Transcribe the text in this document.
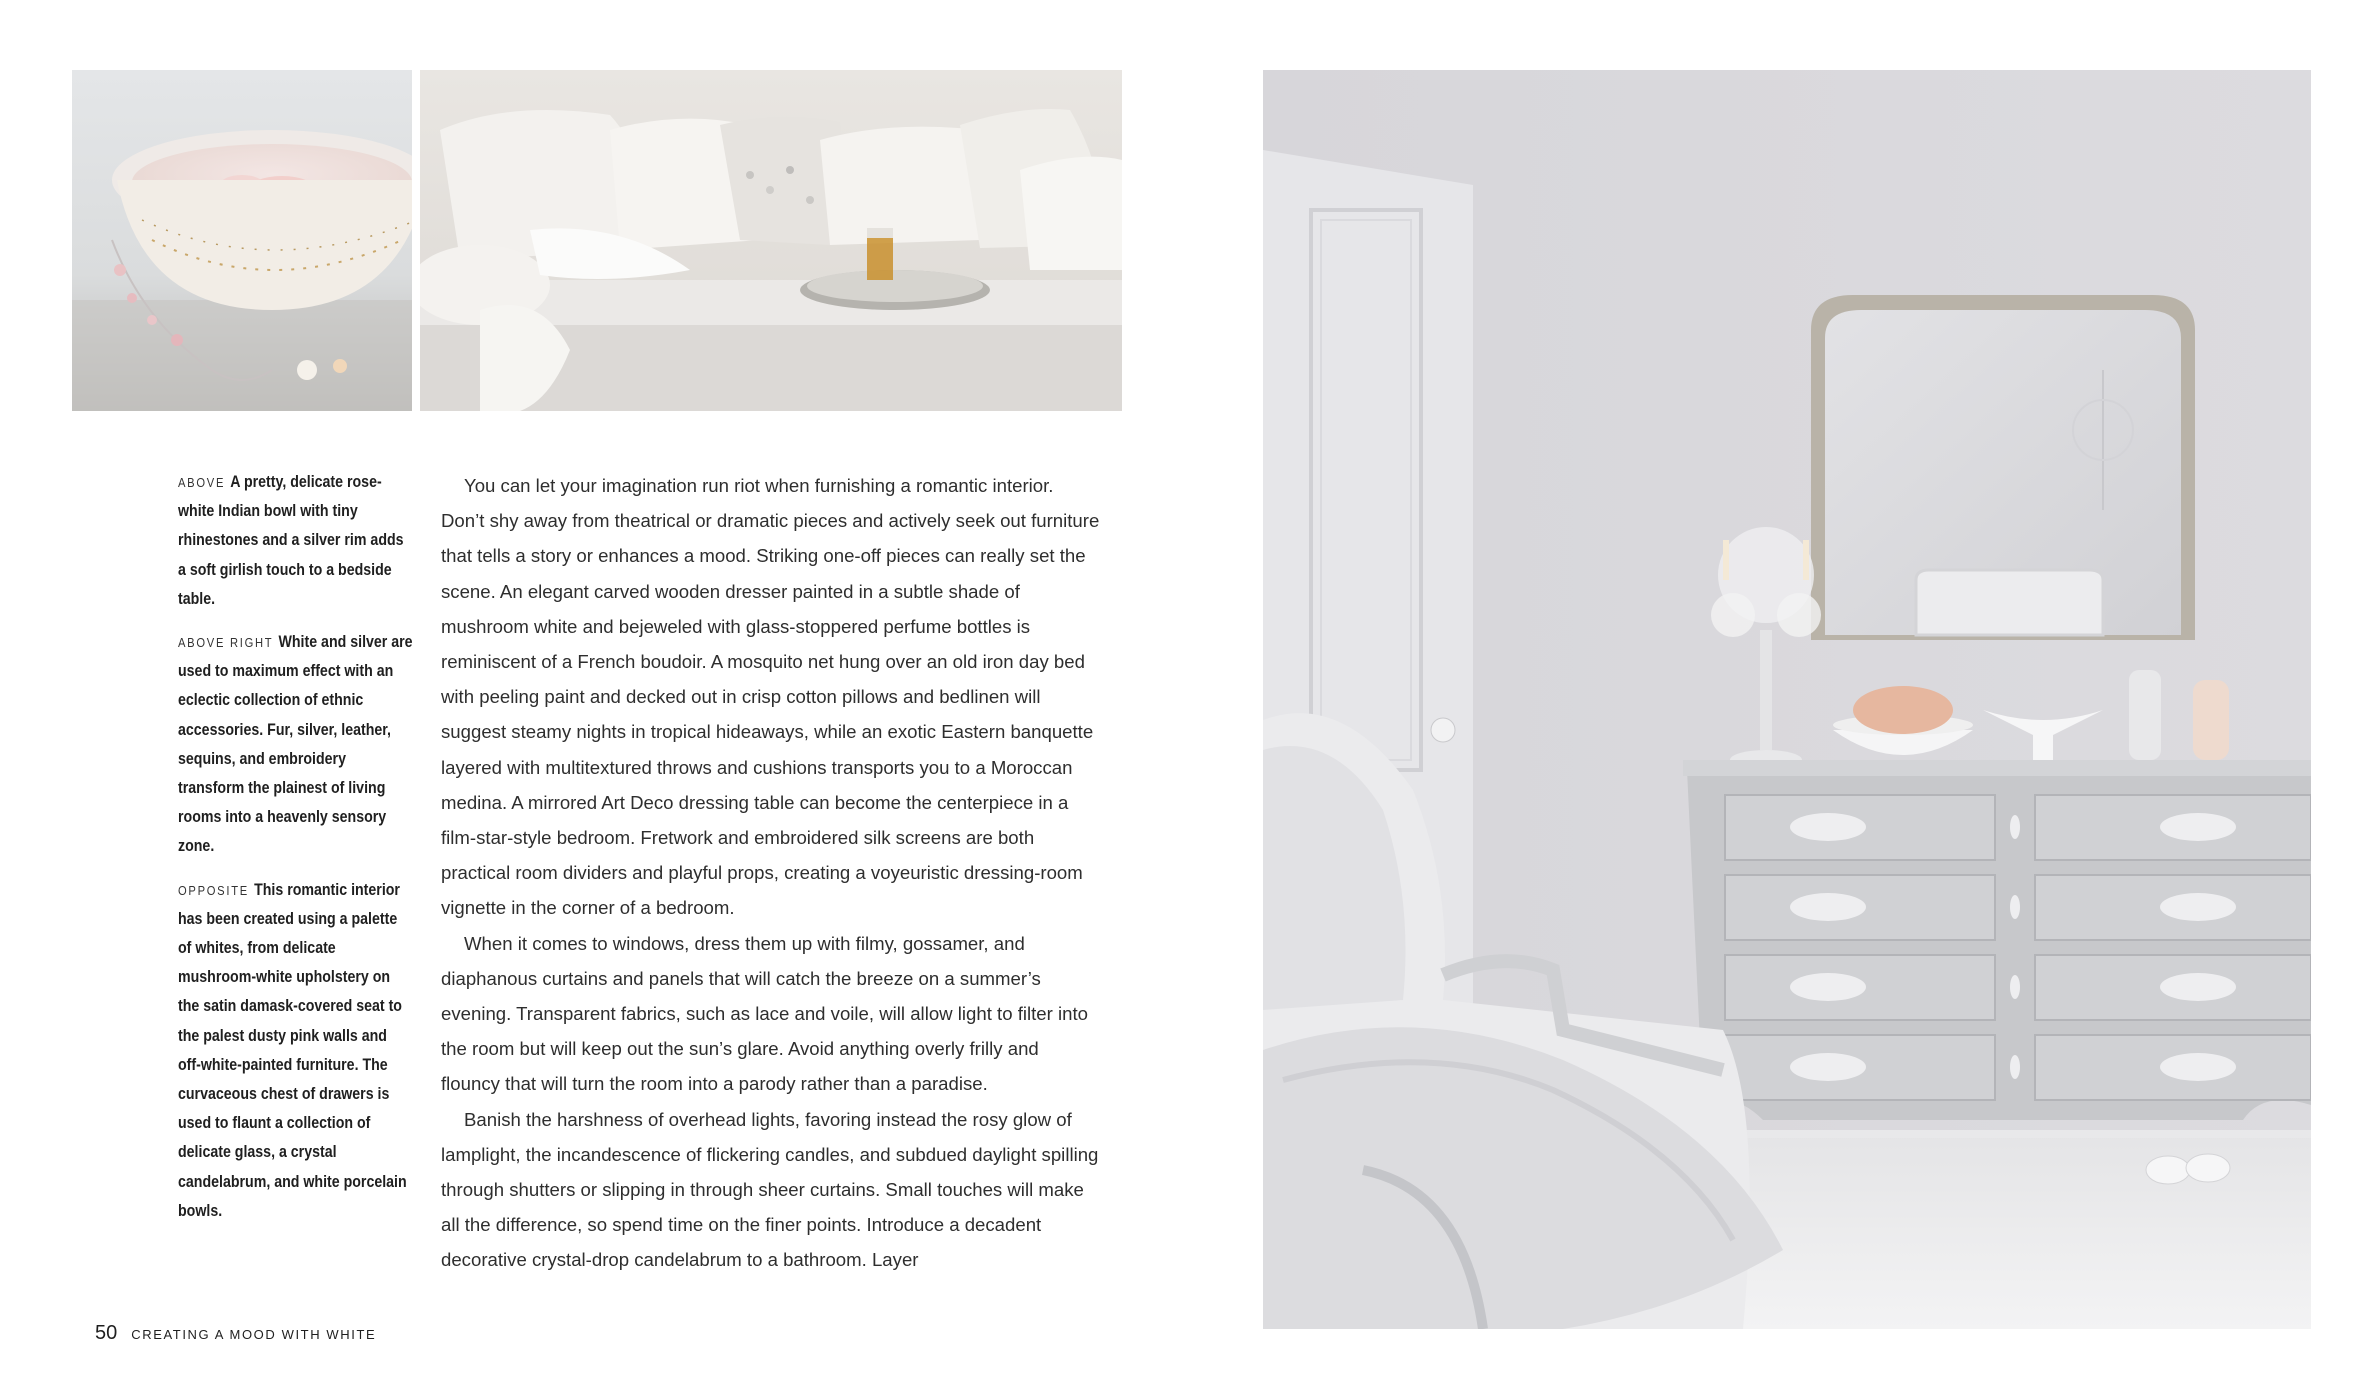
ABOVE A pretty, delicate rose-white Indian bowl with tiny rhinestones and a silver rim adds a soft girlish touch to a bedside table.

ABOVE RIGHT White and silver are used to maximum effect with an eclectic collection of ethnic accessories. Fur, silver, leather, sequins, and embroidery transform the plainest of living rooms into a heavenly sensory zone.

OPPOSITE This romantic interior has been created using a palette of whites, from delicate mushroom-white upholstery on the satin damask-covered seat to the palest dusty pink walls and off-white-painted furniture. The curvaceous chest of drawers is used to flaunt a collection of delicate glass, a crystal candelabrum, and white porcelain bowls.

You can let your imagination run riot when furnishing a romantic interior. Don’t shy away from theatrical or dramatic pieces and actively seek out furniture that tells a story or enhances a mood. Striking one-off pieces can really set the scene. An elegant carved wooden dresser painted in a subtle shade of mushroom white and bejeweled with glass-stoppered perfume bottles is reminiscent of a French boudoir. A mosquito net hung over an old iron day bed with peeling paint and decked out in crisp cotton pillows and bedlinen will suggest steamy nights in tropical hideaways, while an exotic Eastern banquette layered with multitextured throws and cushions transports you to a Moroccan medina. A mirrored Art Deco dressing table can become the centerpiece in a film-star-style bedroom. Fretwork and embroidered silk screens are both practical room dividers and playful props, creating a voyeuristic dressing-room vignette in the corner of a bedroom.

When it comes to windows, dress them up with filmy, gossamer, and diaphanous curtains and panels that will catch the breeze on a summer’s evening. Transparent fabrics, such as lace and voile, will allow light to filter into the room but will keep out the sun’s glare. Avoid anything overly frilly and flouncy that will turn the room into a parody rather than a paradise.

Banish the harshness of overhead lights, favoring instead the rosy glow of lamplight, the incandescence of flickering candles, and subdued daylight spilling through shutters or slipping in through sheer curtains. Small touches will make all the difference, so spend time on the finer points. Introduce a decadent decorative crystal-drop candelabrum to a bathroom. Layer

50 CREATING A MOOD WITH WHITE
